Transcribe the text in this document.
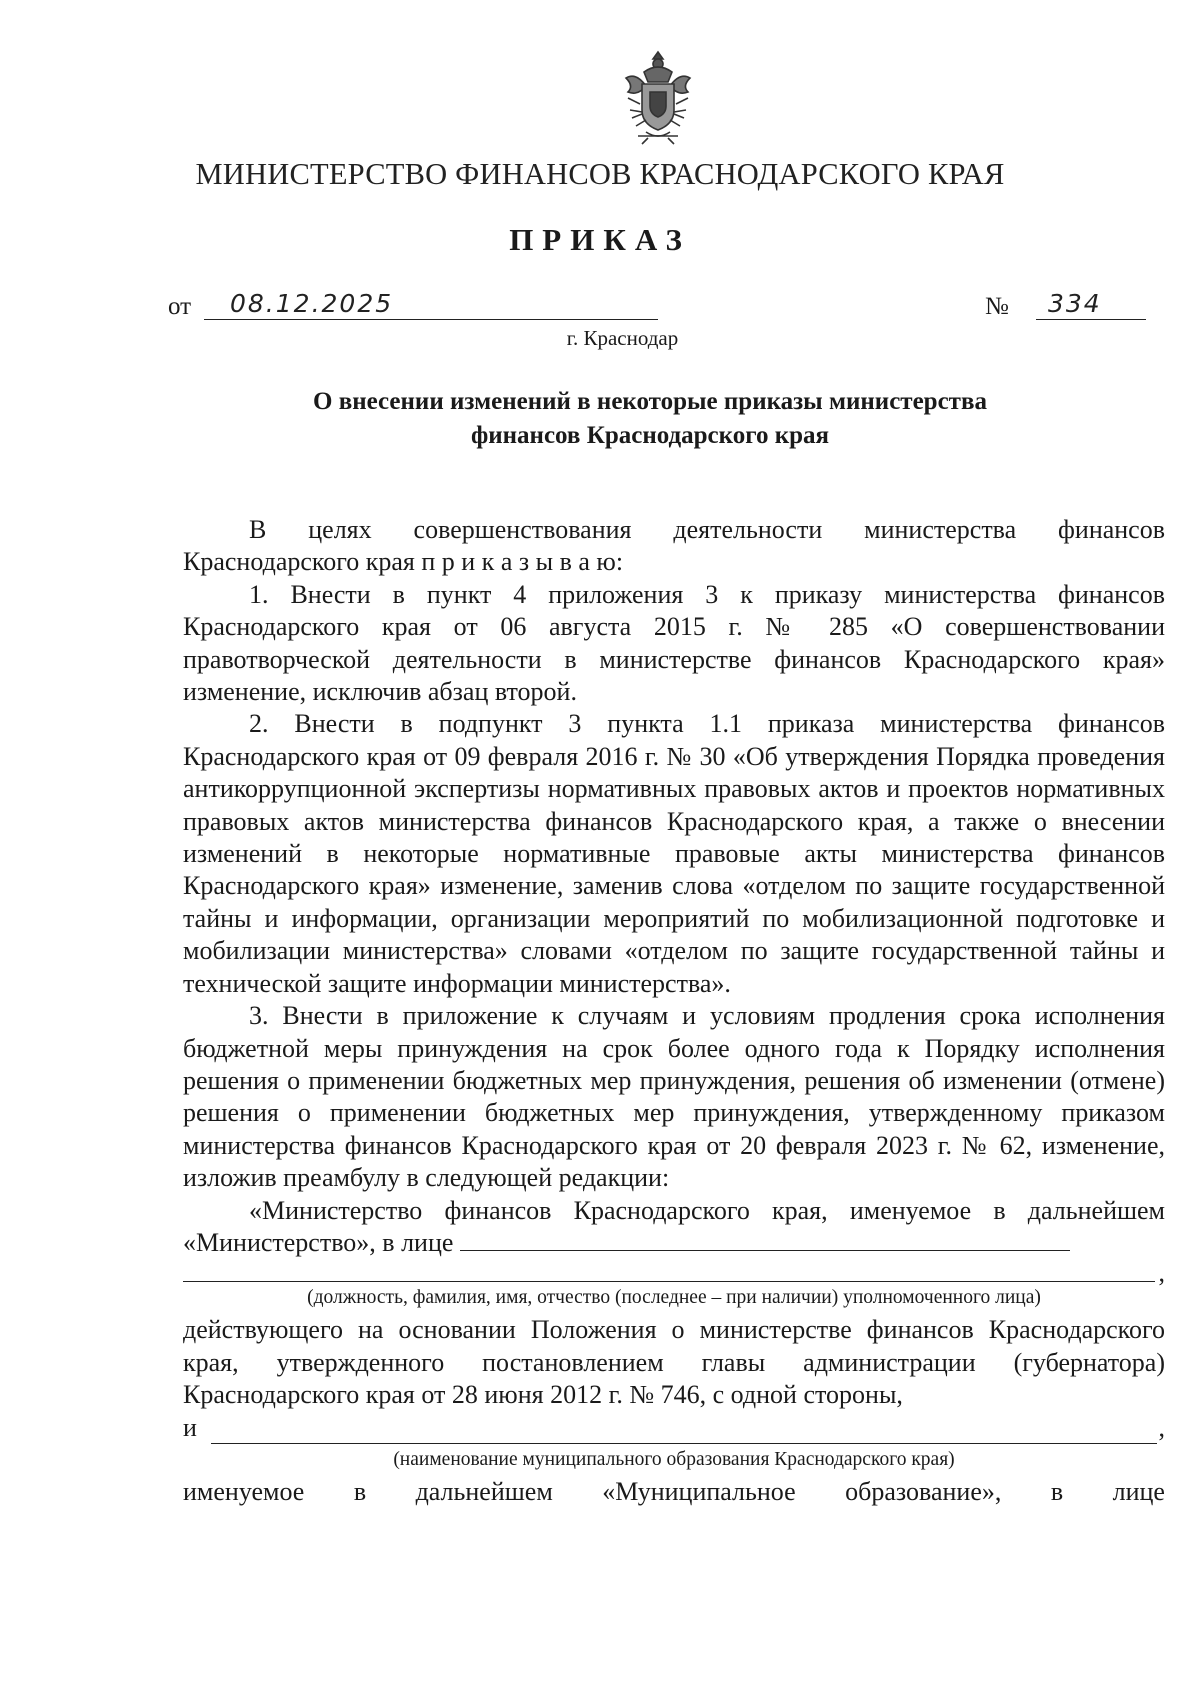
МИНИСТЕРСТВО ФИНАНСОВ КРАСНОДАРСКОГО КРАЯ
ПРИКАЗ
от 08.12.2025	№ 334
г. Краснодар
О внесении изменений в некоторые приказы министерства
финансов Краснодарского края

В целях совершенствования деятельности министерства финансов Краснодарского края п р и к а з ы в а ю:

1. Внести в пункт 4 приложения 3 к приказу министерства финансов Краснодарского края от 06 августа 2015 г. № 285 «О совершенствовании правотворческой деятельности в министерстве финансов Краснодарского края» изменение, исключив абзац второй.

2. Внести в подпункт 3 пункта 1.1 приказа министерства финансов Краснодарского края от 09 февраля 2016 г. № 30 «Об утверждения Порядка проведения антикоррупционной экспертизы нормативных правовых актов и проектов нормативных правовых актов министерства финансов Краснодарского края, а также о внесении изменений в некоторые нормативные правовые акты министерства финансов Краснодарского края» изменение, заменив слова «отделом по защите государственной тайны и информации, организации мероприятий по мобилизационной подготовке и мобилизации министерства» словами «отделом по защите государственной тайны и технической защите информации министерства».

3. Внести в приложение к случаям и условиям продления срока исполнения бюджетной меры принуждения на срок более одного года к Порядку исполнения решения о применении бюджетных мер принуждения, решения об изменении (отмене) решения о применении бюджетных мер принуждения, утвержденному приказом министерства финансов Краснодарского края от 20 февраля 2023 г. № 62, изменение, изложив преамбулу в следующей редакции:

«Министерство финансов Краснодарского края, именуемое в дальнейшем «Министерство», в лице

,

(должность, фамилия, имя, отчество (последнее – при наличии) уполномоченного лица)

действующего на основании Положения о министерстве финансов Краснодарского края, утвержденного постановлением главы администрации (губернатора) Краснодарского края от 28 июня 2012 г. № 746, с одной стороны,

и	,
(наименование муниципального образования Краснодарского края)
именуемое в дальнейшем «Муниципальное образование», в лице
